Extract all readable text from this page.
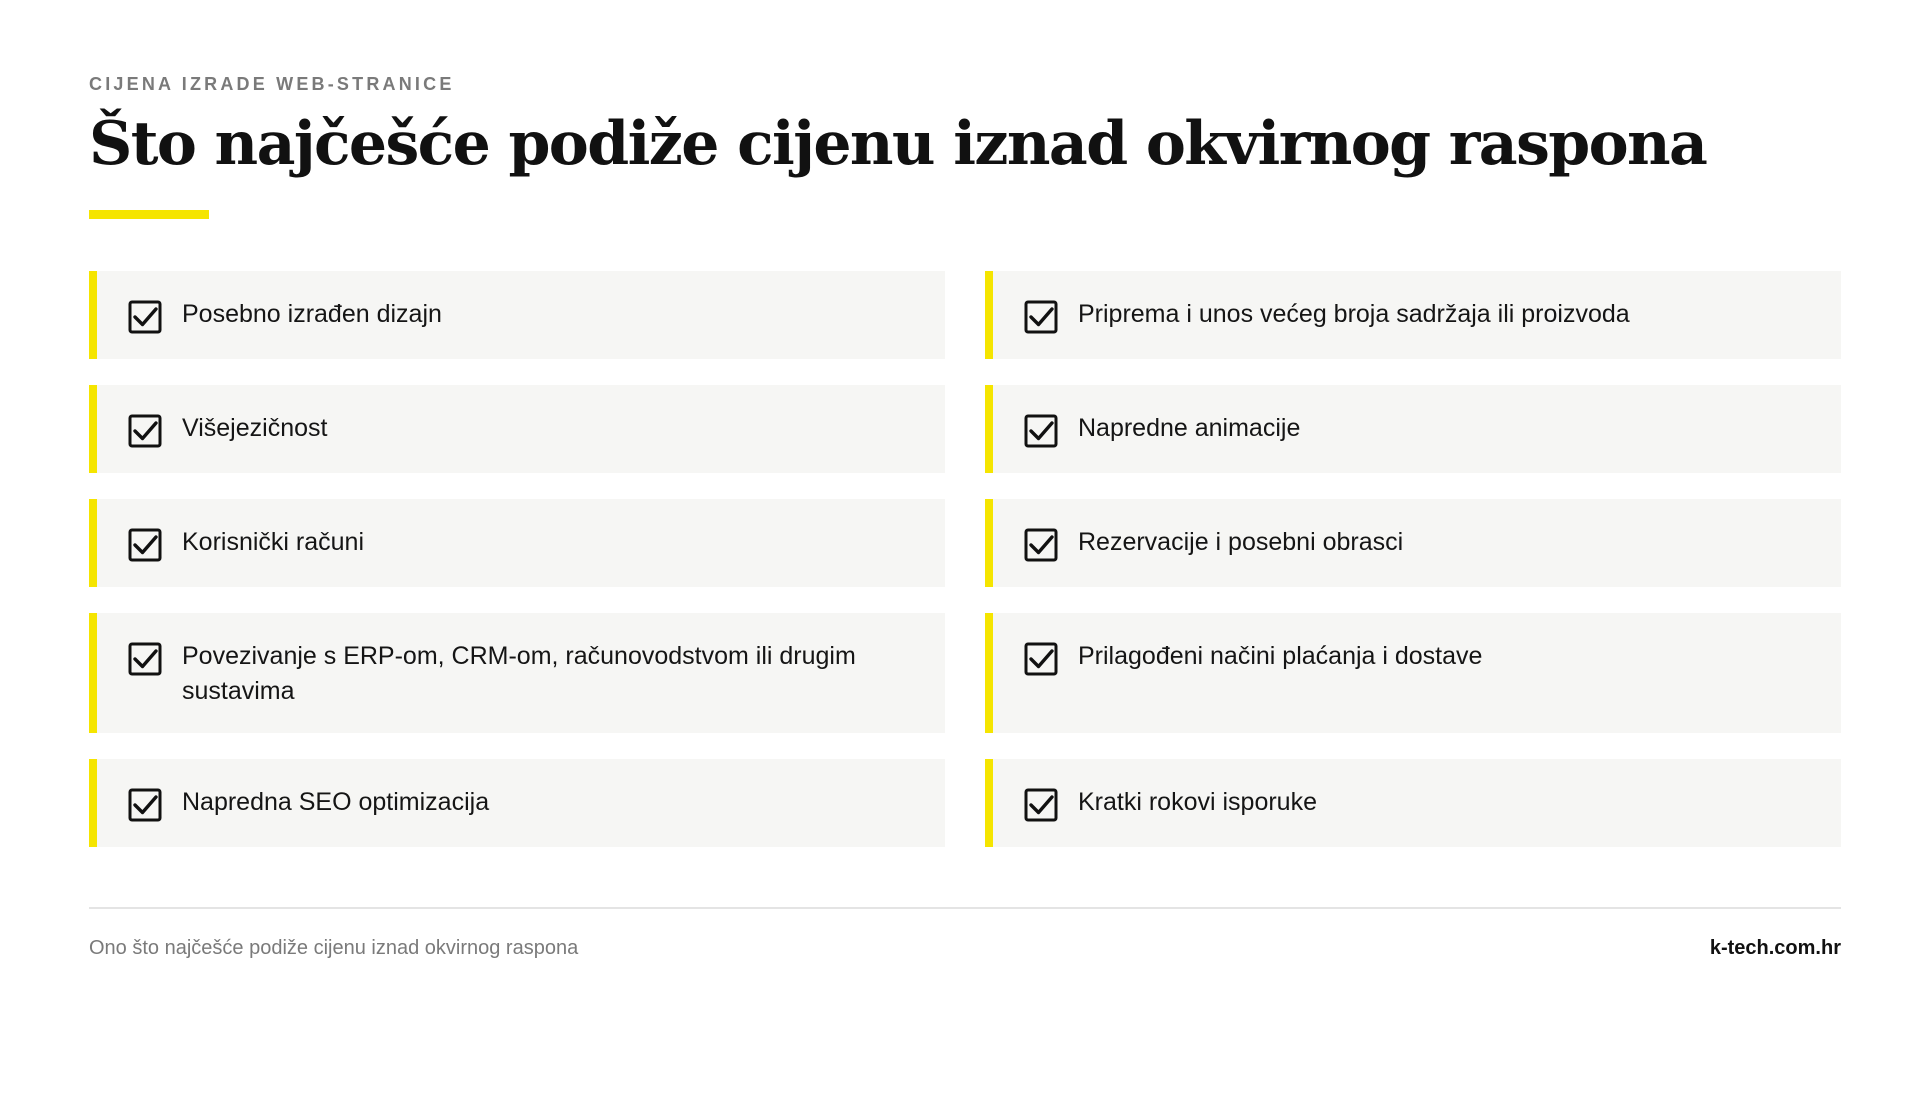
CIJENA IZRADE WEB-STRANICE
Što najčešće podiže cijenu iznad okvirnog raspona
Posebno izrađen dizajn	Priprema i unos većeg broja sadržaja ili proizvoda
Višejezičnost	Napredne animacije
Korisnički računi	Rezervacije i posebni obrasci
Povezivanje s ERP-om, CRM-om, računovodstvom ili drugim sustavima
Prilagođeni načini plaćanja i dostave
Napredna SEO optimizacija	Kratki rokovi isporuke
Ono što najčešće podiže cijenu iznad okvirnog raspona	k-tech.com.hr
